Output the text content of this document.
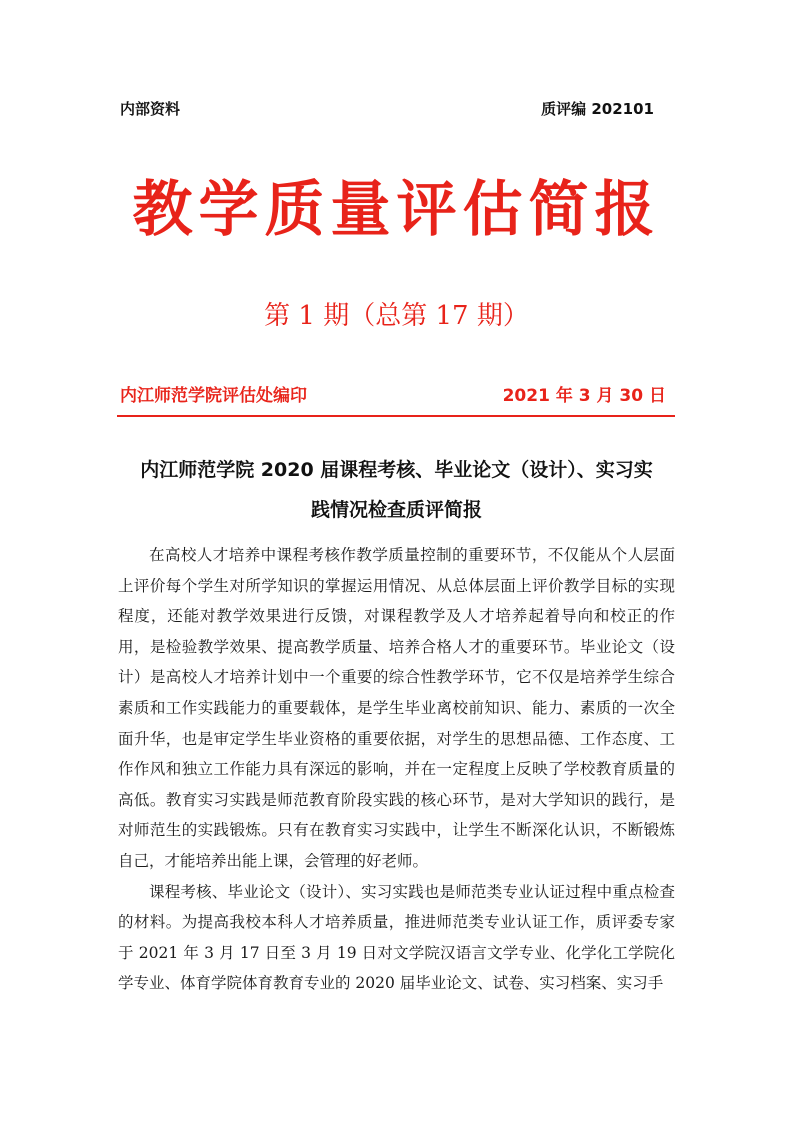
内部资料	质评编 202101
教学质量评估简报
第 1 期（总第 17 期）
内江师范学院评估处编印	2021 年 3 月 30 日
内江师范学院 2020 届课程考核、毕业论文（设计）、实习实
践情况检查质评简报

在高校人才培养中课程考核作教学质量控制的重要环节，不仅能从个人层面上评价每个学生对所学知识的掌握运用情况、从总体层面上评价教学目标的实现程度，还能对教学效果进行反馈，对课程教学及人才培养起着导向和校正的作用，是检验教学效果、提高教学质量、培养合格人才的重要环节。毕业论文（设计）是高校人才培养计划中一个重要的综合性教学环节，它不仅是培养学生综合素质和工作实践能力的重要载体，是学生毕业离校前知识、能力、素质的一次全面升华，也是审定学生毕业资格的重要依据，对学生的思想品德、工作态度、工作作风和独立工作能力具有深远的影响，并在一定程度上反映了学校教育质量的高低。教育实习实践是师范教育阶段实践的核心环节，是对大学知识的践行，是对师范生的实践锻炼。只有在教育实习实践中，让学生不断深化认识，不断锻炼自己，才能培养出能上课，会管理的好老师。

课程考核、毕业论文（设计）、实习实践也是师范类专业认证过程中重点检查的材料。为提高我校本科人才培养质量，推进师范类专业认证工作，质评委专家于 2021 年 3 月 17 日至 3 月 19 日对文学院汉语言文学专业、化学化工学院化学专业、体育学院体育教育专业的 2020 届毕业论文、试卷、实习档案、实习手
